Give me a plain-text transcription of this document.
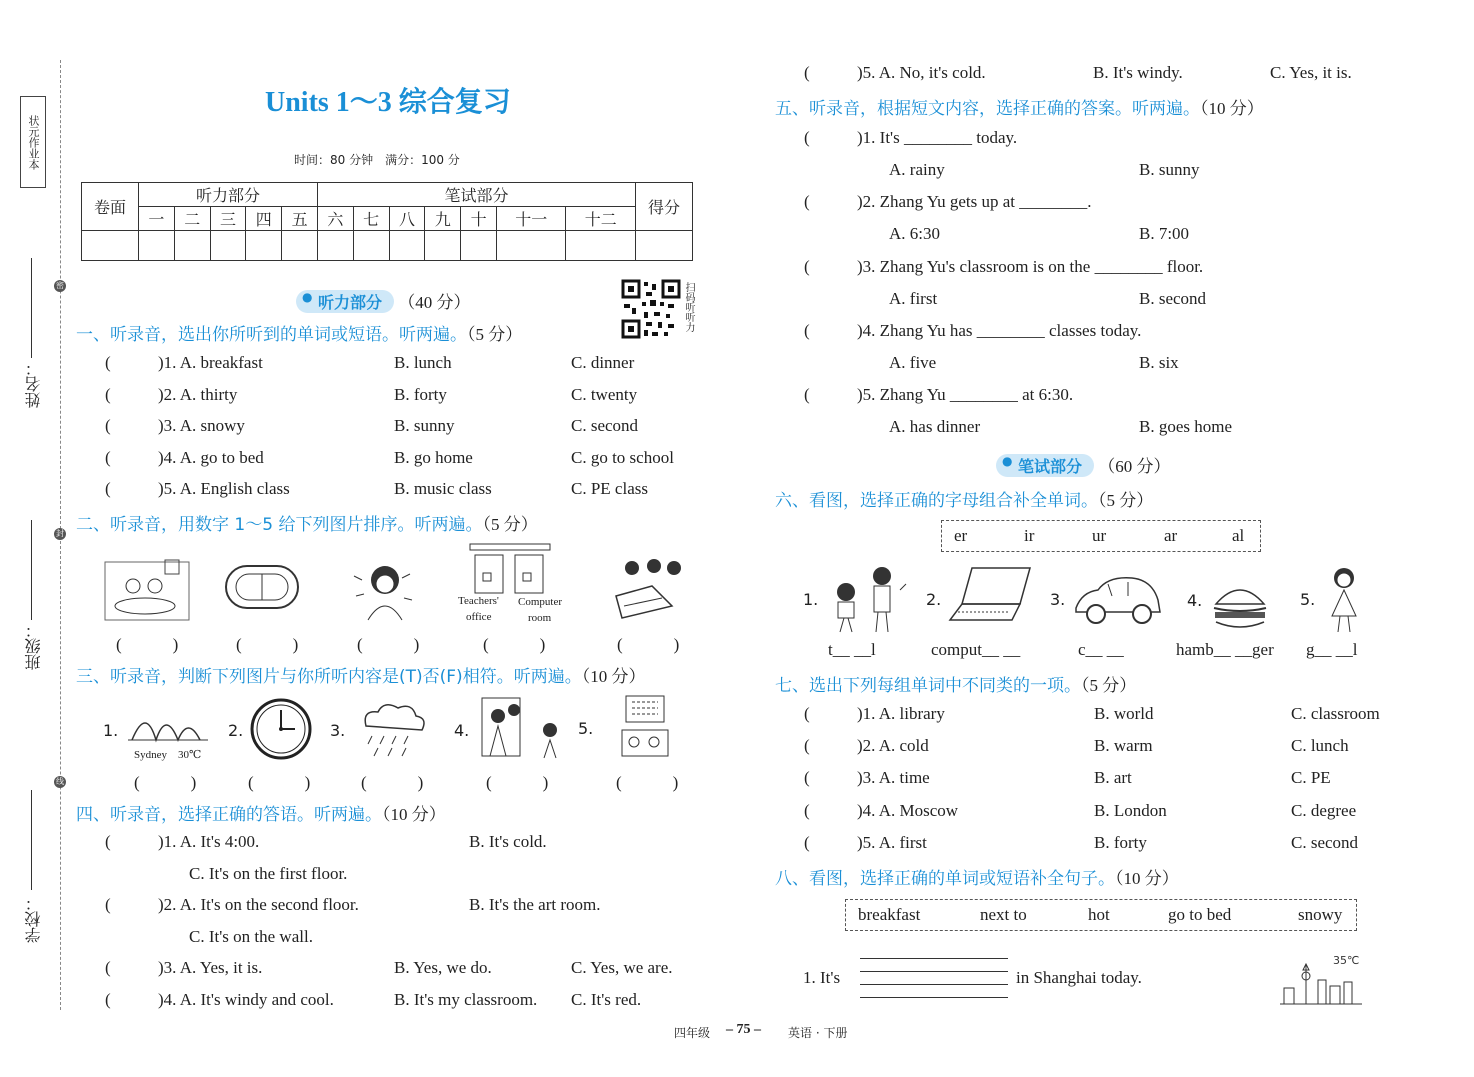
状元作业本
密
封
线
姓名：
班级：
学校：
Units 1～3 综合复习
时间：80 分钟　满分：100 分
卷面	听力部分					笔试部分							得分
	一	二	三	四	五	六	七	八	九	十	十一	十二	

● 听力部分 （40 分）	扫码听听力
一、听录音，选出你所听到的单词或短语。听两遍。（5 分）
(	)1. A. breakfast	B. lunch	C. dinner
(	)2. A. thirty	B. forty	C. twenty
(	)3. A. snowy	B. sunny	C. second
(	)4. A. go to bed	B. go home	C. go to school
(	)5. A. English class	B. music class	C. PE class
二、听录音，用数字 1～5 给下列图片排序。听两遍。（5 分）
Teachers'
office
Computer
room
(　　　)	(　　　)	(　　　)	(　　　)	(　　　)
三、听录音，判断下列图片与你所听内容是(T)否(F)相符。听两遍。（10 分）
1.
Sydney　30℃
2.	3.	4.	5.
(　　　)	(　　　)	(　　　)	(　　　)	(　　　)
四、听录音，选择正确的答语。听两遍。（10 分）
(	)1. A. It's 4:00.	B. It's cold.
C. It's on the first floor.
(	)2. A. It's on the second floor.	B. It's the art room.
C. It's on the wall.
(	)3. A. Yes, it is.	B. Yes, we do.	C. Yes, we are.
(	)4. A. It's windy and cool.	B. It's my classroom. C. It's red.
(	)5. A. No, it's cold.	B. It's windy.	C. Yes, it is.
五、听录音，根据短文内容，选择正确的答案。听两遍。（10 分）
(	)1. It's ________ today.
A. rainy	B. sunny
(	)2. Zhang Yu gets up at ________.
A. 6:30	B. 7:00
(	)3. Zhang Yu's classroom is on the ________ floor.
A. first	B. second
(	)4. Zhang Yu has ________ classes today.
A. five	B. six
(	)5. Zhang Yu ________ at 6:30.
A. has dinner	B. goes home
● 笔试部分 （60 分）
六、看图，选择正确的字母组合补全单词。（5 分）
er	ir	ur	ar	al
1.	2.	3.	4.	5.
t__ __l	comput__ __	c__ __	hamb__ __ger g__ __l
七、选出下列每组单词中不同类的一项。（5 分）
(	)1. A. library	B. world	C. classroom
(	)2. A. cold	B. warm	C. lunch
(	)3. A. time	B. art	C. PE
(	)4. A. Moscow	B. London	C. degree
(	)5. A. first	B. forty	C. second
八、看图，选择正确的单词或短语补全句子。（10 分）
breakfast	next to	hot	go to bed	snowy
1. It's	in Shanghai today.
35℃
四年级 – 75 – 英语 · 下册
